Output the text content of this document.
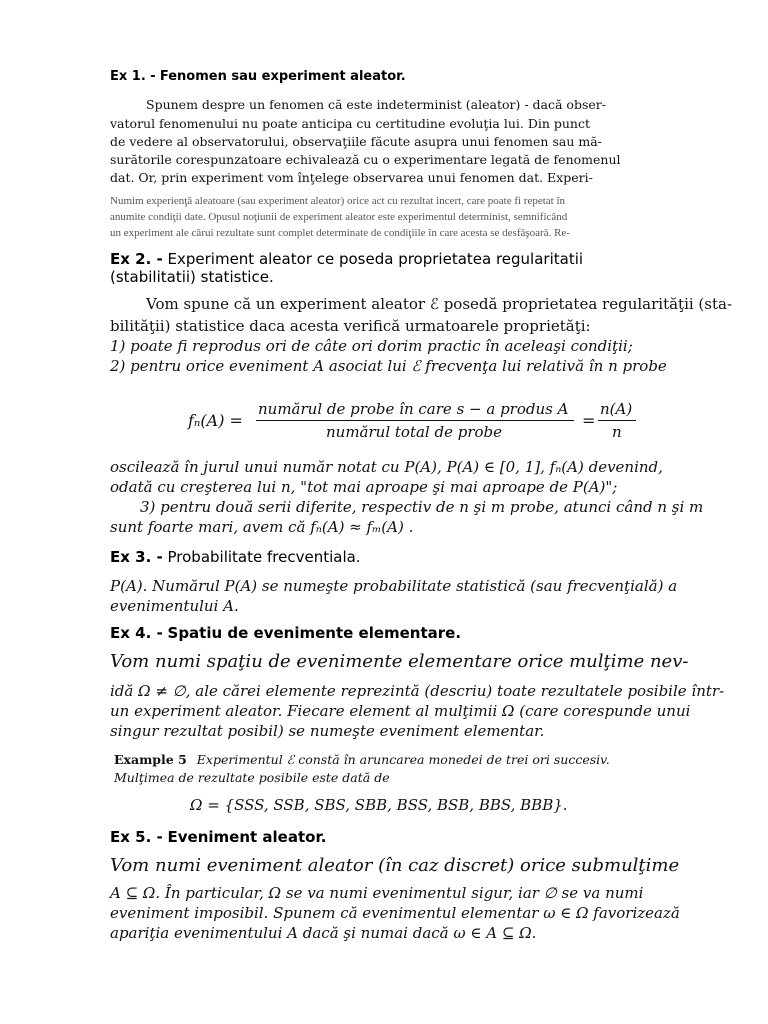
Ex 1. - Fenomen sau experiment aleator.
Spunem despre un fenomen că este indeterminist (aleator) - dacă obser-
vatorul fenomenului nu poate anticipa cu certitudine evoluţia lui. Din punct
de vedere al observatorului, observaţiile făcute asupra unui fenomen sau mă-
surătorile corespunzatoare echivalează cu o experimentare legată de fenomenul
dat. Or, prin experiment vom înţelege observarea unui fenomen dat. Experi-
Numim experienţă aleatoare (sau experiment aleator) orice act cu rezultat incert, care poate fi repetat în
anumite condiţii date. Opusul noţiunii de experiment aleator este experimentul determinist, semnificând
un experiment ale cărui rezultate sunt complet determinate de condiţiile în care acesta se desfăşoară. Re-
Ex 2. - Experiment aleator ce poseda proprietatea regularitatii
(stabilitatii) statistice.
Vom spune că un experiment aleator ℰ posedă proprietatea regularităţii (sta-
bilităţii) statistice daca acesta verifică urmatoarele proprietăţi:
1) poate fi reprodus ori de câte ori dorim practic în aceleaşi condiţii;
2) pentru orice eveniment A asociat lui ℰ frecvenţa lui relativă în n probe
fₙ(A) =
numărul de probe în care s − a produs A
numărul total de probe
=
n(A)
n
oscilează în jurul unui număr notat cu P(A), P(A) ∈ [0, 1], fₙ(A) devenind,
odată cu creşterea lui n, "tot mai aproape şi mai aproape de P(A)";
3) pentru două serii diferite, respectiv de n şi m probe, atunci când n şi m
sunt foarte mari, avem că fₙ(A) ≈ fₘ(A) .
Ex 3. - Probabilitate frecventiala.
P(A). Numărul P(A) se numeşte probabilitate statistică (sau frecvenţială) a
evenimentului A.
Ex 4. - Spatiu de evenimente elementare.
Vom numi spaţiu de evenimente elementare orice mulţime nev-
idă Ω ≠ ∅, ale cărei elemente reprezintă (descriu) toate rezultatele posibile într-
un experiment aleator. Fiecare element al mulţimii Ω (care corespunde unui
singur rezultat posibil) se numeşte eveniment elementar.
Example 5 Experimentul ℰ constă în aruncarea monedei de trei ori succesiv.
Mulţimea de rezultate posibile este dată de
Ω = {SSS, SSB, SBS, SBB, BSS, BSB, BBS, BBB}.
Ex 5. - Eveniment aleator.
Vom numi eveniment aleator (în caz discret) orice submulţime
A ⊆ Ω. În particular, Ω se va numi evenimentul sigur, iar ∅ se va numi
eveniment imposibil. Spunem că evenimentul elementar ω ∈ Ω favorizează
apariţia evenimentului A dacă şi numai dacă ω ∈ A ⊆ Ω.
